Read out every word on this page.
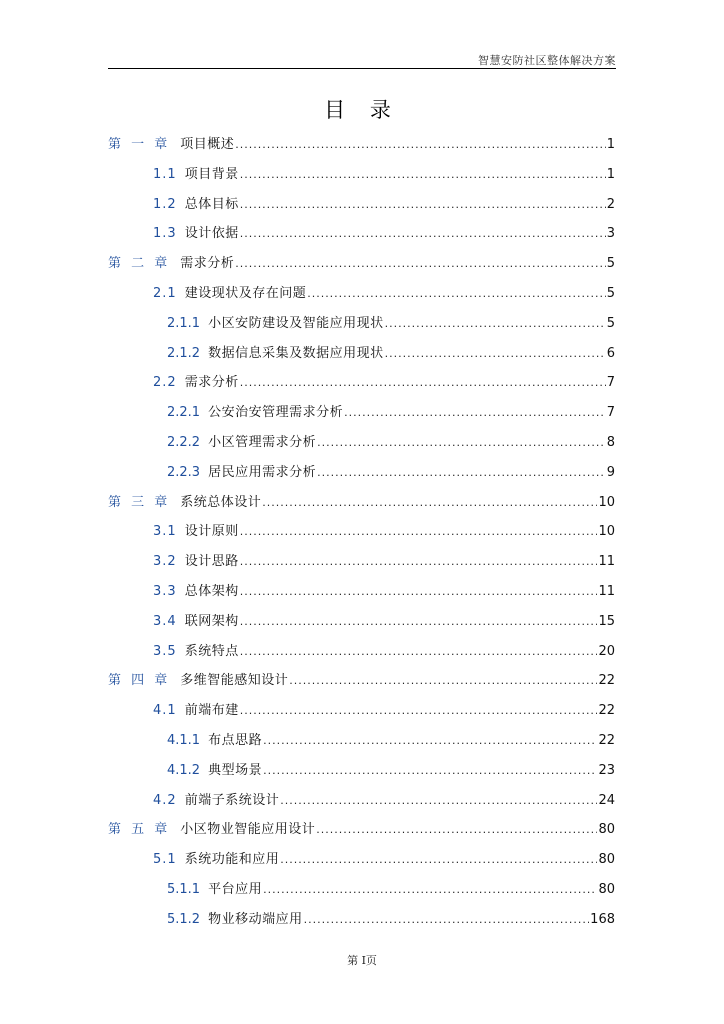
智慧安防社区整体解决方案
目 录
第 一 章 项目概述 .....	1
1.1 项目背景 .....	1
1.2 总体目标 .....	2
1.3 设计依据 .....	3
第 二 章 需求分析 .....	5
2.1 建设现状及存在问题 .....	5
2.1.1 小区安防建设及智能应用现状 .....	5
2.1.2 数据信息采集及数据应用现状 .....	6
2.2 需求分析 .....	7
2.2.1 公安治安管理需求分析 .....	7
2.2.2 小区管理需求分析 .....	8
2.2.3 居民应用需求分析 .....	9
第 三 章 系统总体设计 .....	10
3.1 设计原则 .....	10
3.2 设计思路 .....	11
3.3 总体架构 .....	11
3.4 联网架构 .....	15
3.5 系统特点 .....	20
第 四 章 多维智能感知设计 .....	22
4.1 前端布建 .....	22
4.1.1 布点思路 .....	22
4.1.2 典型场景 .....	23
4.2 前端子系统设计 .....	24
第 五 章 小区物业智能应用设计 .....	80
5.1 系统功能和应用 .....	80
5.1.1 平台应用 .....	80
5.1.2 物业移动端应用 .....	168
第 I页
